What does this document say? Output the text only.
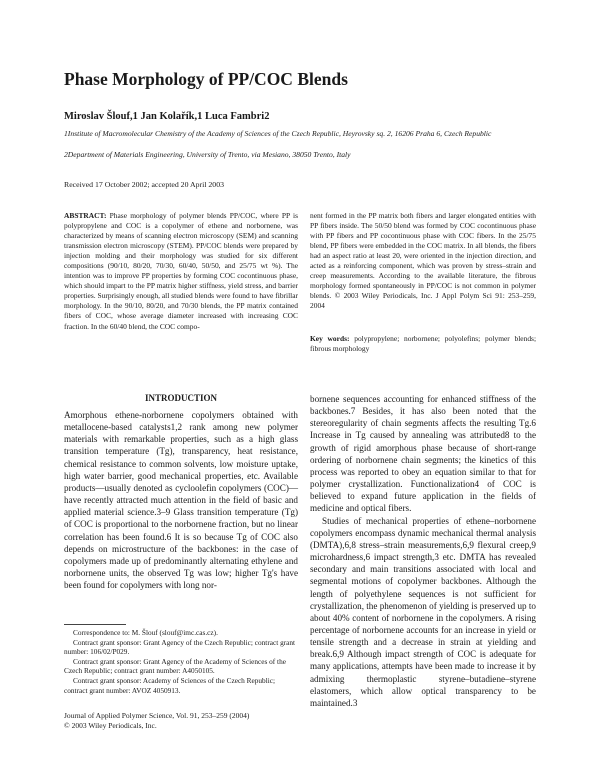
Phase Morphology of PP/COC Blends
Miroslav Šlouf,1 Jan Kolařík,1 Luca Fambri2
1Institute of Macromolecular Chemistry of the Academy of Sciences of the Czech Republic, Heyrovsky sq. 2, 16206 Praha 6, Czech Republic
2Department of Materials Engineering, University of Trento, via Mesiano, 38050 Trento, Italy
Received 17 October 2002; accepted 20 April 2003
ABSTRACT: Phase morphology of polymer blends PP/COC, where PP is polypropylene and COC is a copolymer of ethene and norbornene, was characterized by means of scanning electron microscopy (SEM) and scanning transmission electron microscopy (STEM). PP/COC blends were prepared by injection molding and their morphology was studied for six different compositions (90/10, 80/20, 70/30, 60/40, 50/50, and 25/75 wt %). The intention was to improve PP properties by forming COC cocontinuous phase, which should impart to the PP matrix higher stiffness, yield stress, and barrier properties. Surprisingly enough, all studied blends were found to have fibrillar morphology. In the 90/10, 80/20, and 70/30 blends, the PP matrix contained fibers of COC, whose average diameter increased with increasing COC fraction. In the 60/40 blend, the COC compo-
nent formed in the PP matrix both fibers and larger elongated entities with PP fibers inside. The 50/50 blend was formed by COC cocontinuous phase with PP fibers and PP cocontinuous phase with COC fibers. In the 25/75 blend, PP fibers were embedded in the COC matrix. In all blends, the fibers had an aspect ratio at least 20, were oriented in the injection direction, and acted as a reinforcing component, which was proven by stress–strain and creep measurements. According to the available literature, the fibrous morphology formed spontaneously in PP/COC is not common in polymer blends. © 2003 Wiley Periodicals, Inc. J Appl Polym Sci 91: 253–259, 2004
Key words: polypropylene; norbornene; polyolefins; polymer blends; fibrous morphology
INTRODUCTION
Amorphous ethene-norbornene copolymers obtained with metallocene-based catalysts1,2 rank among new polymer materials with remarkable properties, such as a high glass transition temperature (Tg), transparency, heat resistance, chemical resistance to common solvents, low moisture uptake, high water barrier, good mechanical properties, etc. Available products—usually denoted as cycloolefin copolymers (COC)—have recently attracted much attention in the field of basic and applied material science.3–9 Glass transition temperature (Tg) of COC is proportional to the norbornene fraction, but no linear correlation has been found.6 It is so because Tg of COC also depends on microstructure of the backbones: in the case of copolymers made up of predominantly alternating ethylene and norbornene units, the observed Tg was low; higher Tg's have been found for copolymers with long nor-

bornene sequences accounting for enhanced stiffness of the backbones.7 Besides, it has also been noted that the stereoregularity of chain segments affects the resulting Tg.6 Increase in Tg caused by annealing was attributed8 to the growth of rigid amorphous phase because of short-range ordering of norbornene chain segments; the kinetics of this process was reported to obey an equation similar to that for polymer crystallization. Functionalization4 of COC is believed to expand future application in the fields of medicine and optical fibers.

Studies of mechanical properties of ethene–norbornene copolymers encompass dynamic mechanical thermal analysis (DMTA),6,8 stress–strain measurements,6,9 flexural creep,9 microhardness,6 impact strength,3 etc. DMTA has revealed secondary and main transitions associated with local and segmental motions of copolymer backbones. Although the length of polyethylene sequences is not sufficient for crystallization, the phenomenon of yielding is preserved up to about 40% content of norbornene in the copolymers. A rising percentage of norbornene accounts for an increase in yield or tensile strength and a decrease in strain at yielding and break.6,9 Although impact strength of COC is adequate for many applications, attempts have been made to increase it by admixing thermoplastic styrene–butadiene–styrene elastomers, which allow optical transparency to be maintained.3

Correspondence to: M. Šlouf (slouf@imc.cas.cz).

Contract grant sponsor: Grant Agency of the Czech Republic; contract grant number: 106/02/P029.

Contract grant sponsor: Grant Agency of the Academy of Sciences of the Czech Republic; contract grant number: A4050105.

Contract grant sponsor: Academy of Sciences of the Czech Republic; contract grant number: AVOZ 4050913.

Journal of Applied Polymer Science, Vol. 91, 253–259 (2004)

© 2003 Wiley Periodicals, Inc.
